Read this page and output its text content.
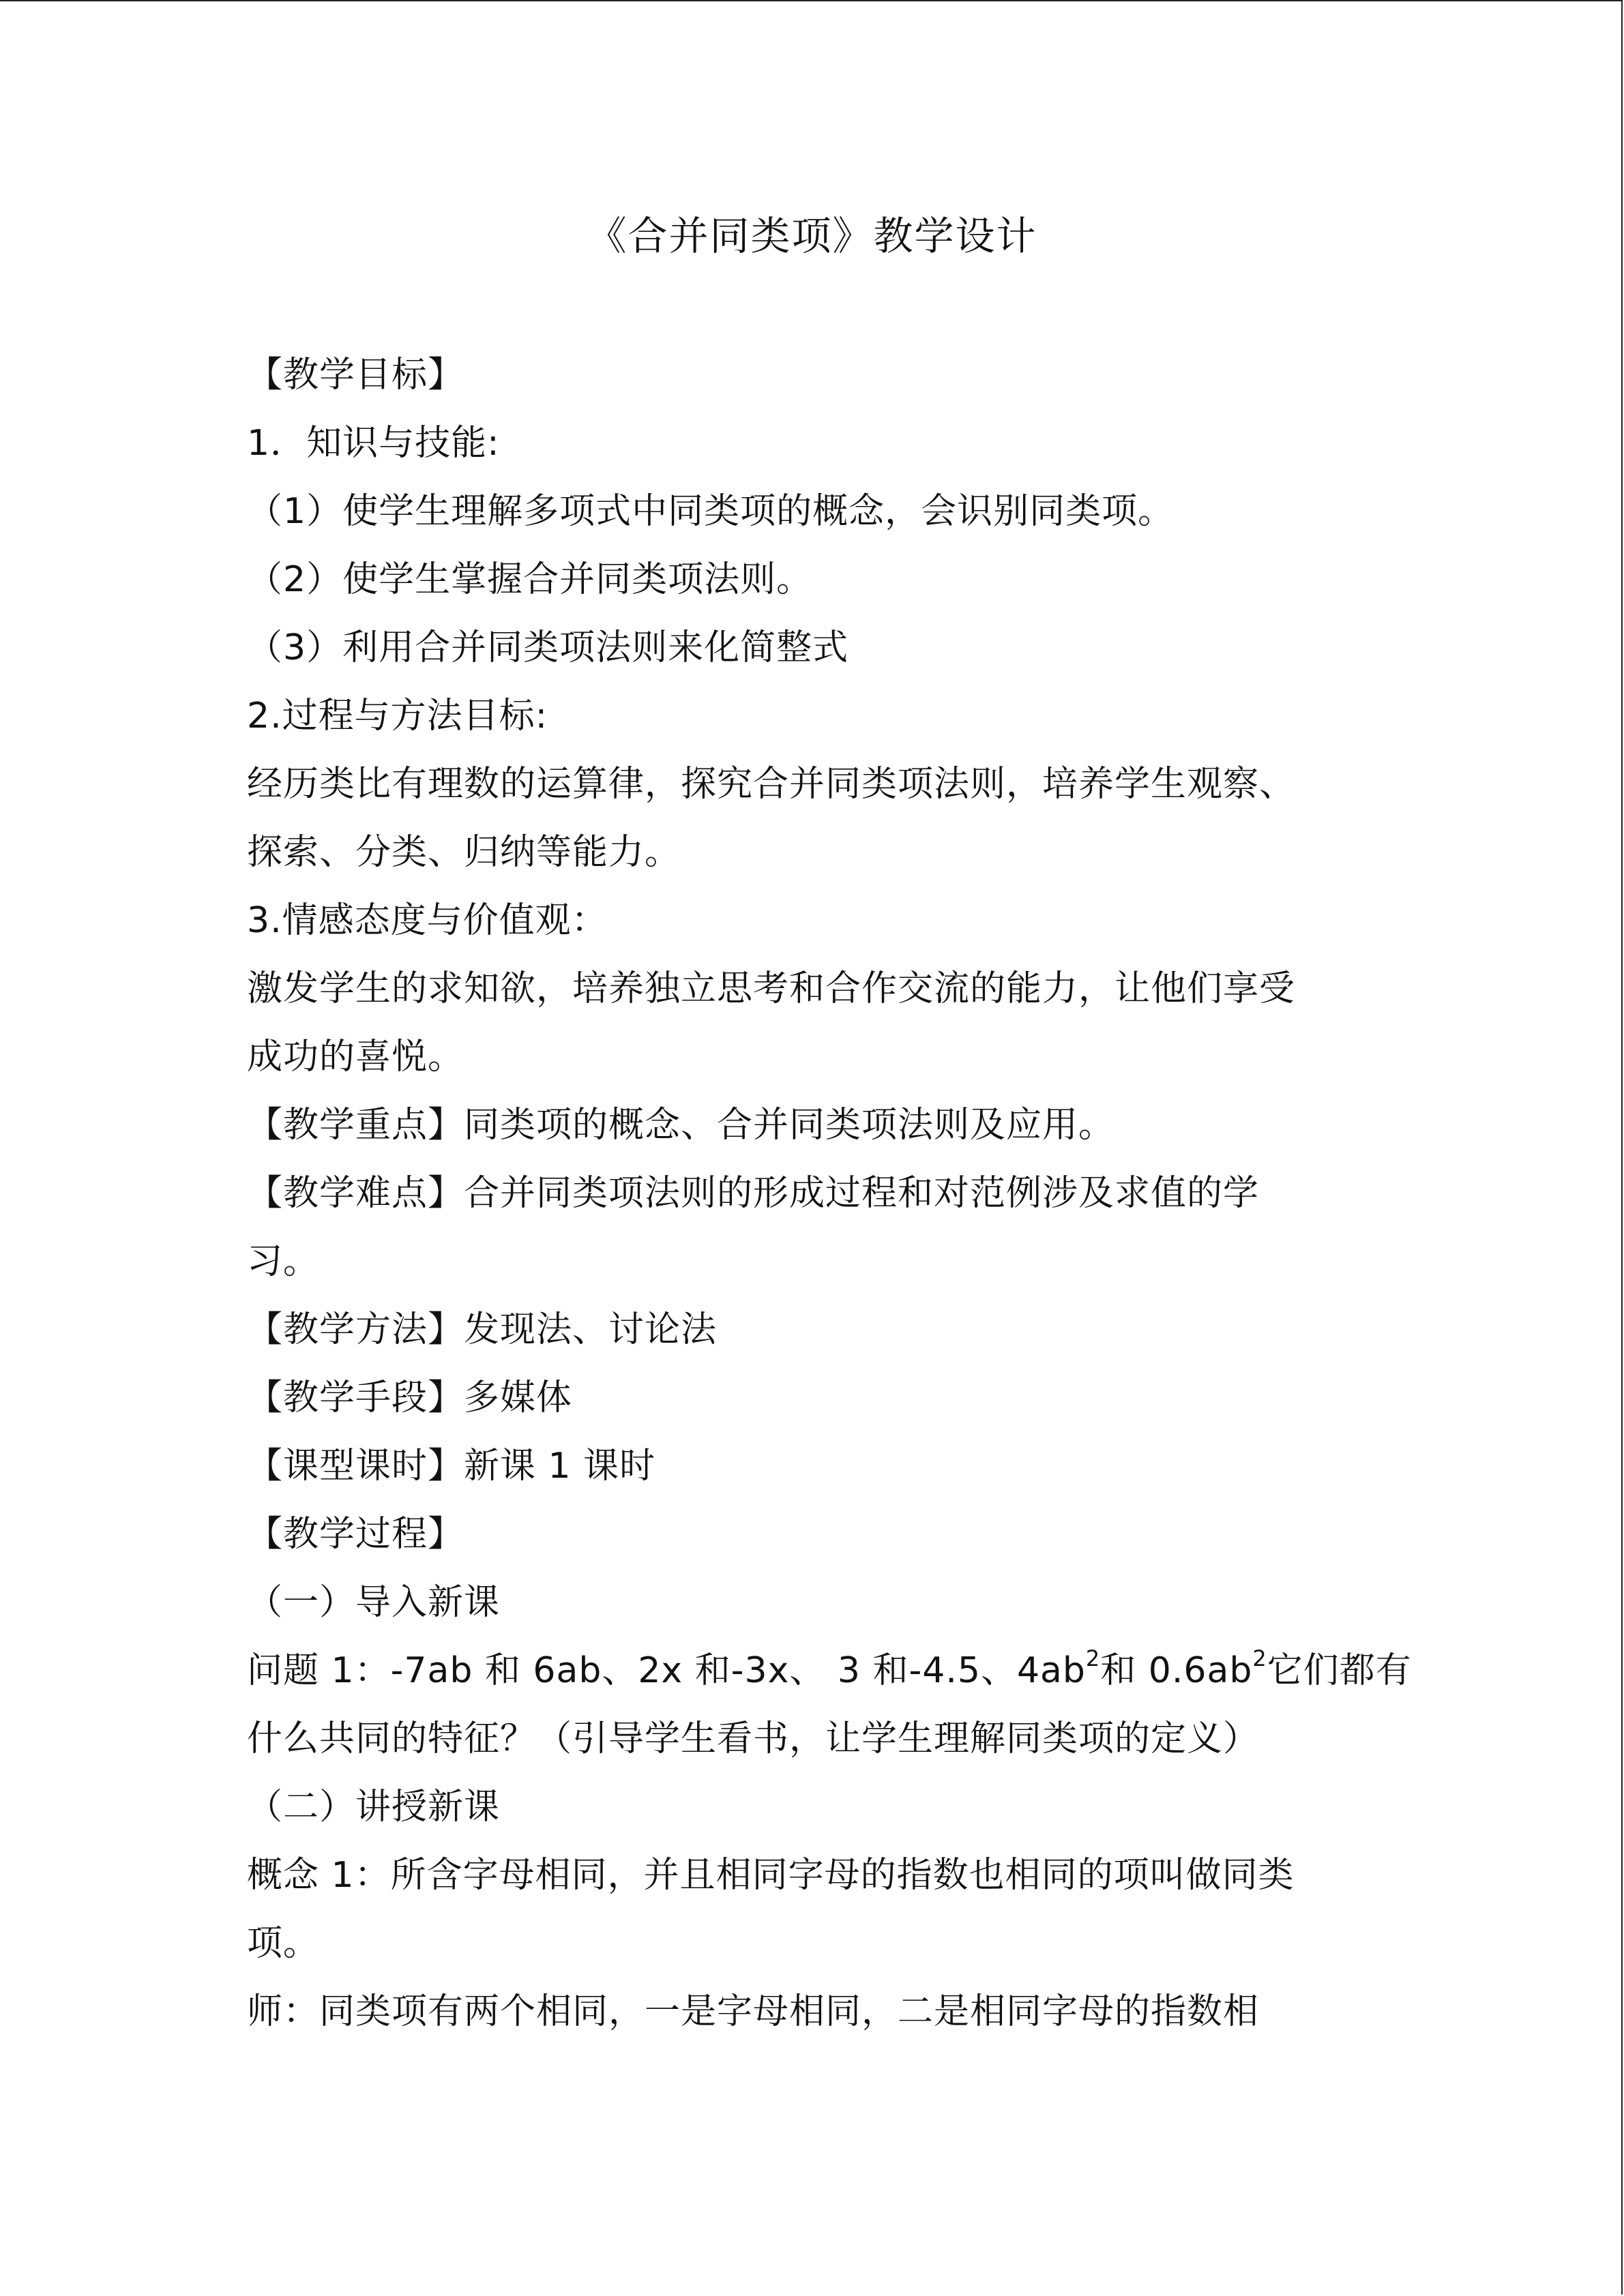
《合并同类项》教学设计
【教学目标】
1．知识与技能:
（1）使学生理解多项式中同类项的概念，会识别同类项。
（2）使学生掌握合并同类项法则。
（3）利用合并同类项法则来化简整式
2.过程与方法目标:
经历类比有理数的运算律，探究合并同类项法则，培养学生观察、
探索、分类、归纳等能力。
3.情感态度与价值观：
激发学生的求知欲，培养独立思考和合作交流的能力，让他们享受
成功的喜悦。
【教学重点】同类项的概念、合并同类项法则及应用。
【教学难点】合并同类项法则的形成过程和对范例涉及求值的学
习。
【教学方法】发现法、讨论法
【教学手段】多媒体
【课型课时】新课 1 课时
【教学过程】
（一）导入新课
问题 1：-7ab 和 6ab、2x 和-3x、 3 和-4.5、$4ab^2$和 $0.6ab^2$它们都有
什么共同的特征？（引导学生看书，让学生理解同类项的定义）
（二）讲授新课
概念 1：所含字母相同，并且相同字母的指数也相同的项叫做同类
项。
师：同类项有两个相同，一是字母相同，二是相同字母的指数相
